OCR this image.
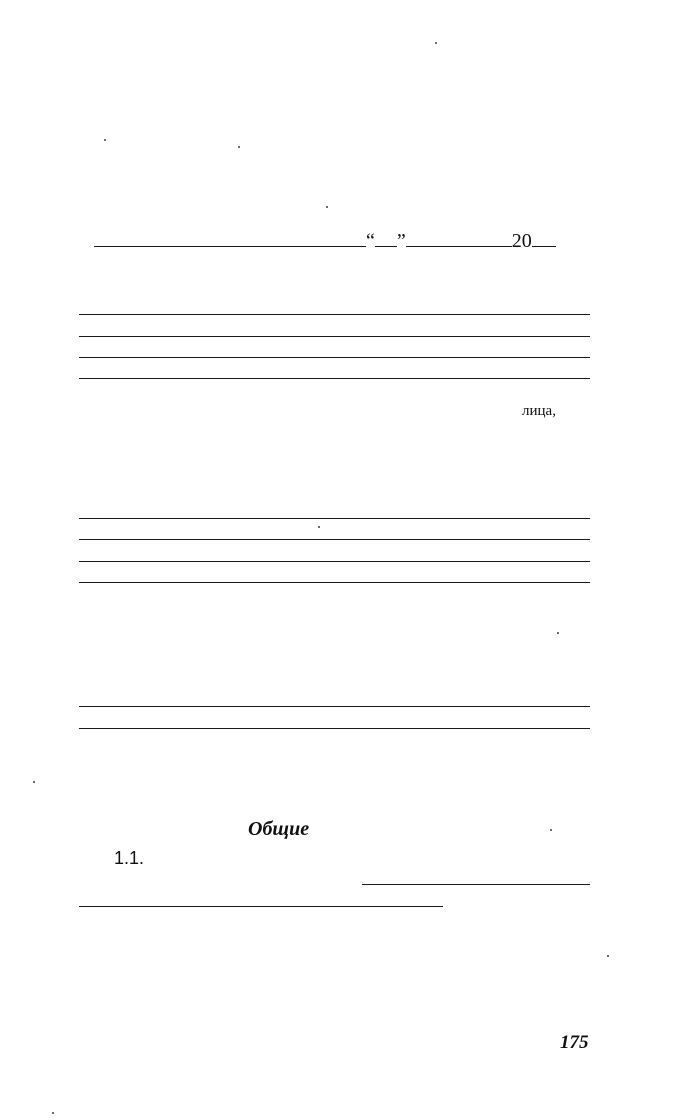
“ ”	20
лица,
Общие
1.1.
175
